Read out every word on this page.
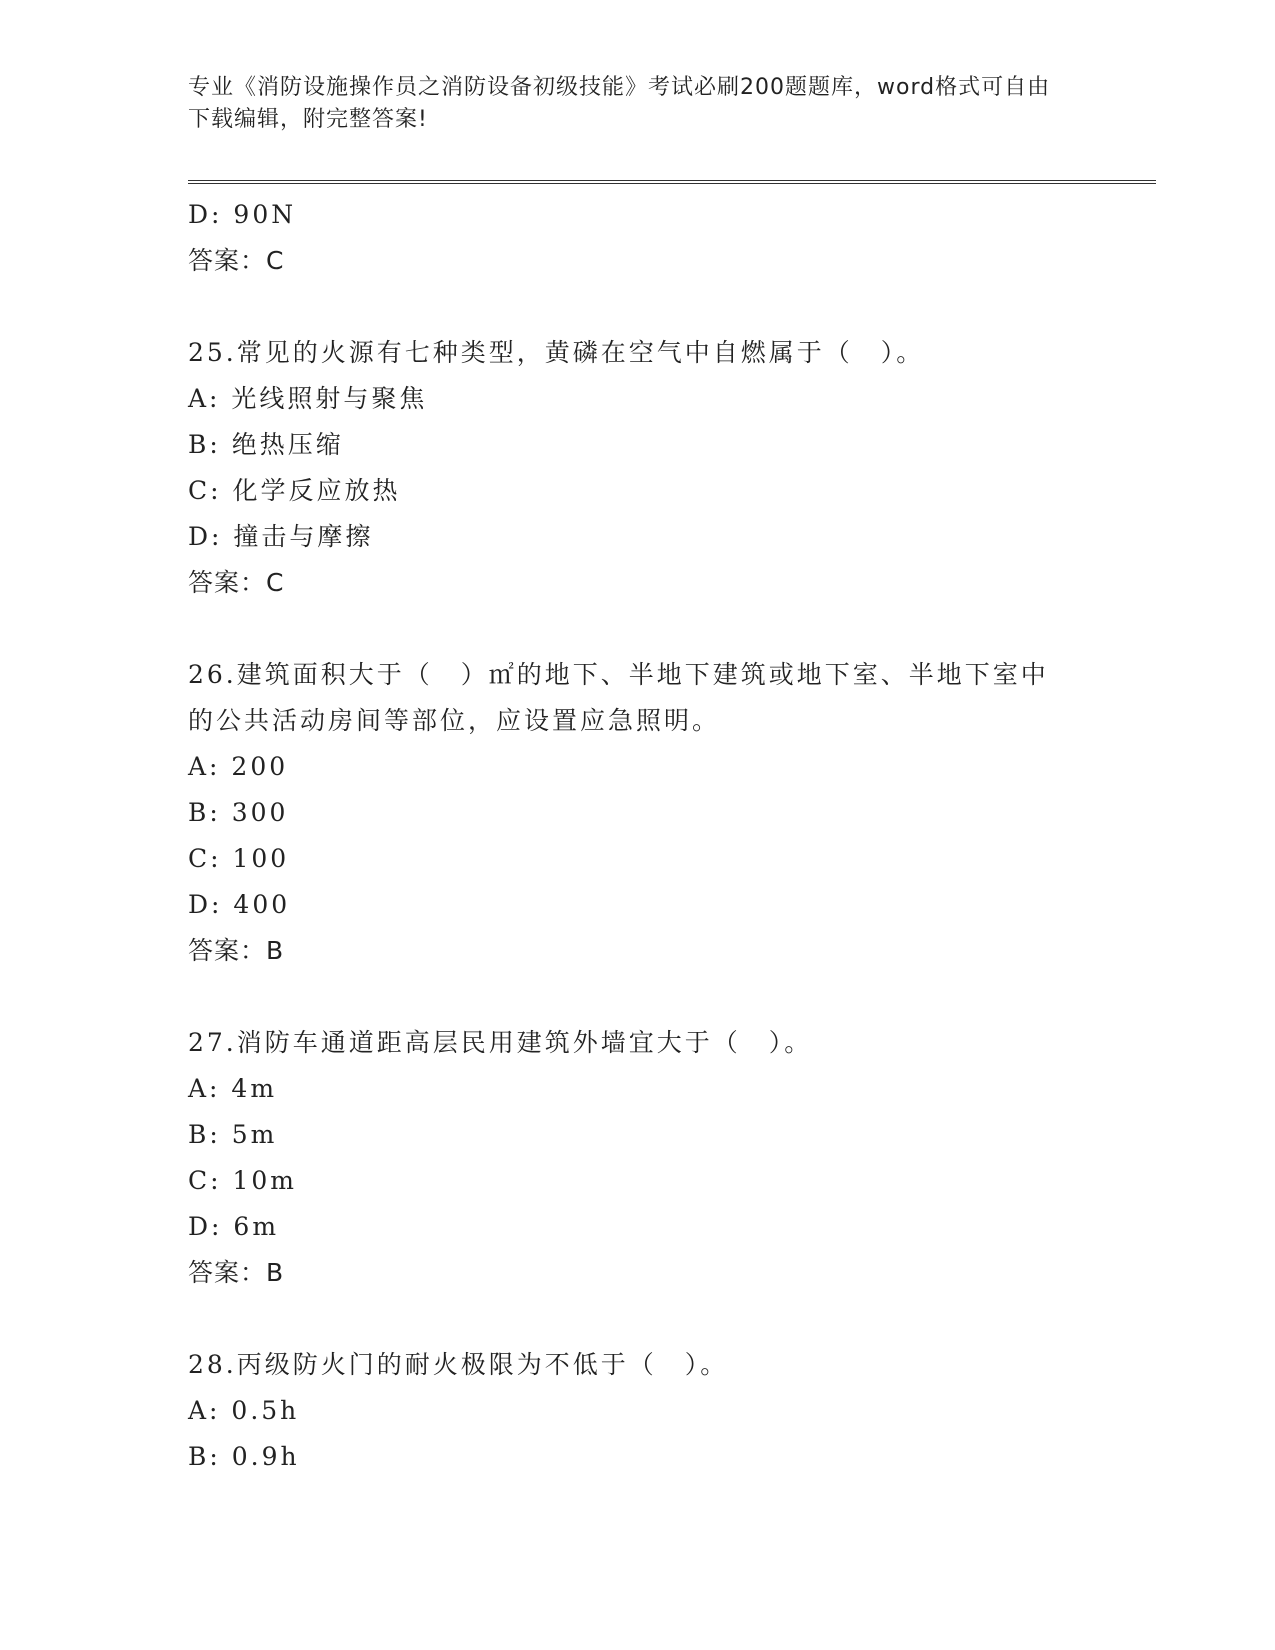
专业《消防设施操作员之消防设备初级技能》考试必刷200题题库，word格式可自由下载编辑，附完整答案!
D: 90N
答案：C
25.常见的火源有七种类型，黄磷在空气中自燃属于（　）。
A: 光线照射与聚焦
B: 绝热压缩
C: 化学反应放热
D: 撞击与摩擦
答案：C
26.建筑面积大于（　）㎡的地下、半地下建筑或地下室、半地下室中的公共活动房间等部位，应设置应急照明。
A: 200
B: 300
C: 100
D: 400
答案：B
27.消防车通道距高层民用建筑外墙宜大于（　）。
A: 4m
B: 5m
C: 10m
D: 6m
答案：B
28.丙级防火门的耐火极限为不低于（　）。
A: 0.5h
B: 0.9h
